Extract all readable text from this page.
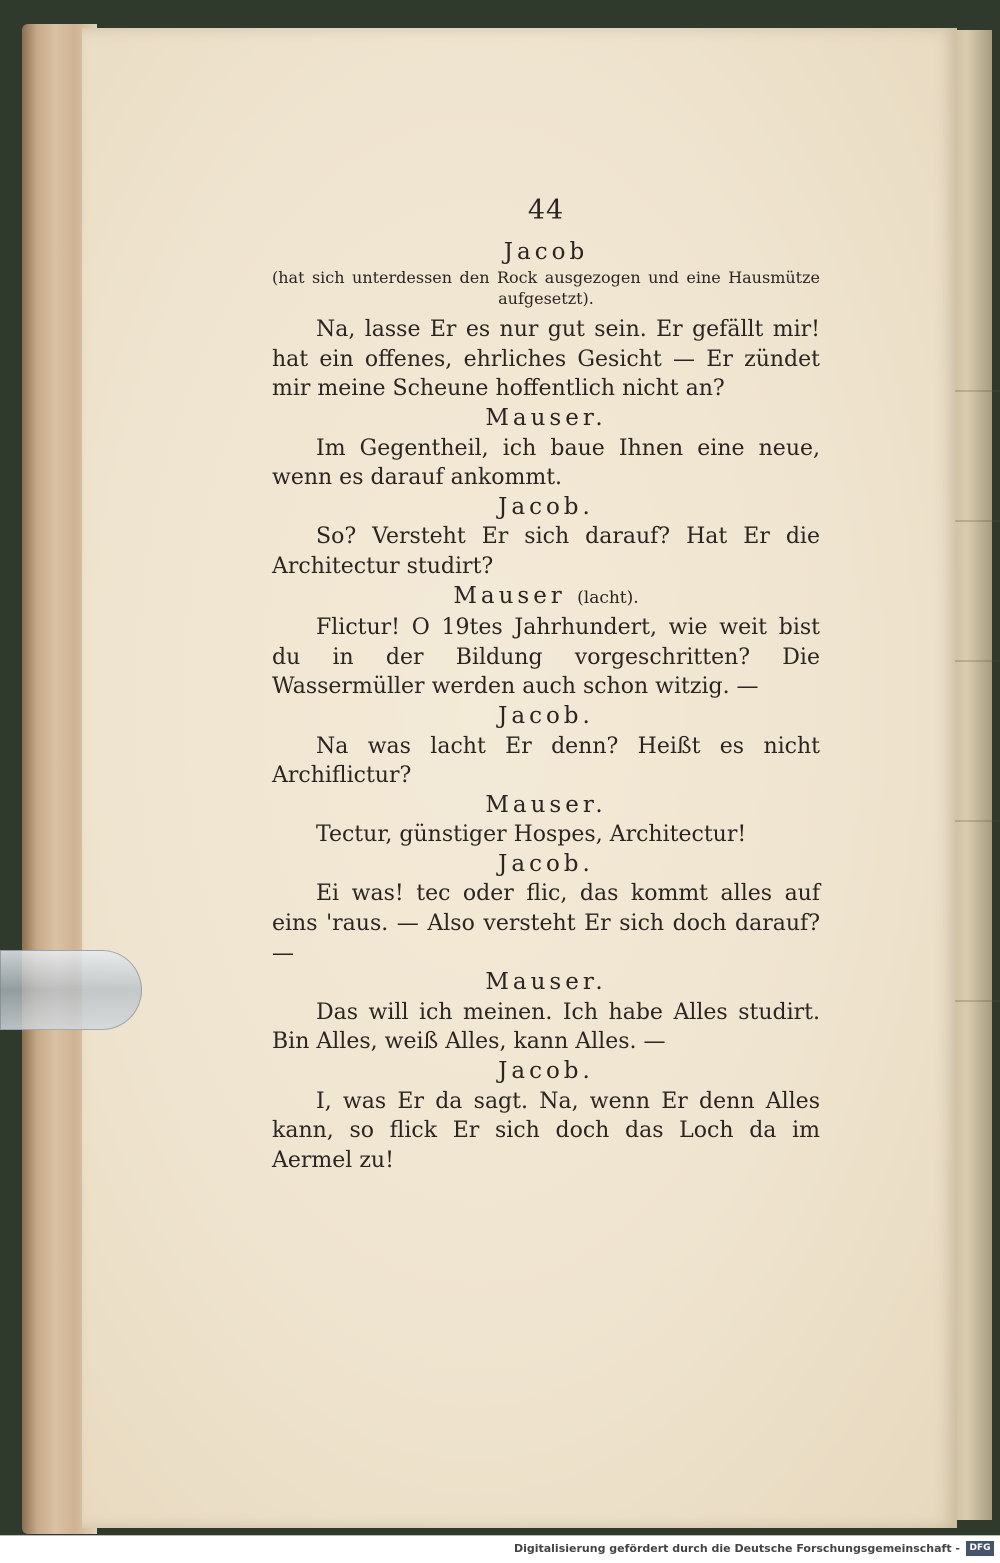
44
Jacob
(hat sich unterdessen den Rock ausgezogen und eine Hausmütze aufgesetzt).
Na, lasse Er es nur gut sein. Er gefällt mir! hat ein offenes, ehrliches Gesicht — Er zündet mir meine Scheune hoffentlich nicht an?
Mauser.
Im Gegentheil, ich baue Ihnen eine neue, wenn es darauf ankommt.
Jacob.
So? Versteht Er sich darauf? Hat Er die Architectur studirt?
Mauser (lacht).
Flictur! O 19tes Jahrhundert, wie weit bist du in der Bildung vorgeschritten? Die Wassermüller werden auch schon witzig. —
Jacob.
Na was lacht Er denn? Heißt es nicht Archiflictur?
Mauser.
Tectur, günstiger Hospes, Architectur!
Jacob.
Ei was! tec oder flic, das kommt alles auf eins 'raus. — Also versteht Er sich doch darauf? —
Mauser.
Das will ich meinen. Ich habe Alles studirt. Bin Alles, weiß Alles, kann Alles. —
Jacob.
I, was Er da sagt. Na, wenn Er denn Alles kann, so flick Er sich doch das Loch da im Aermel zu!
Digitalisierung gefördert durch die Deutsche Forschungsgemeinschaft -	DFG
